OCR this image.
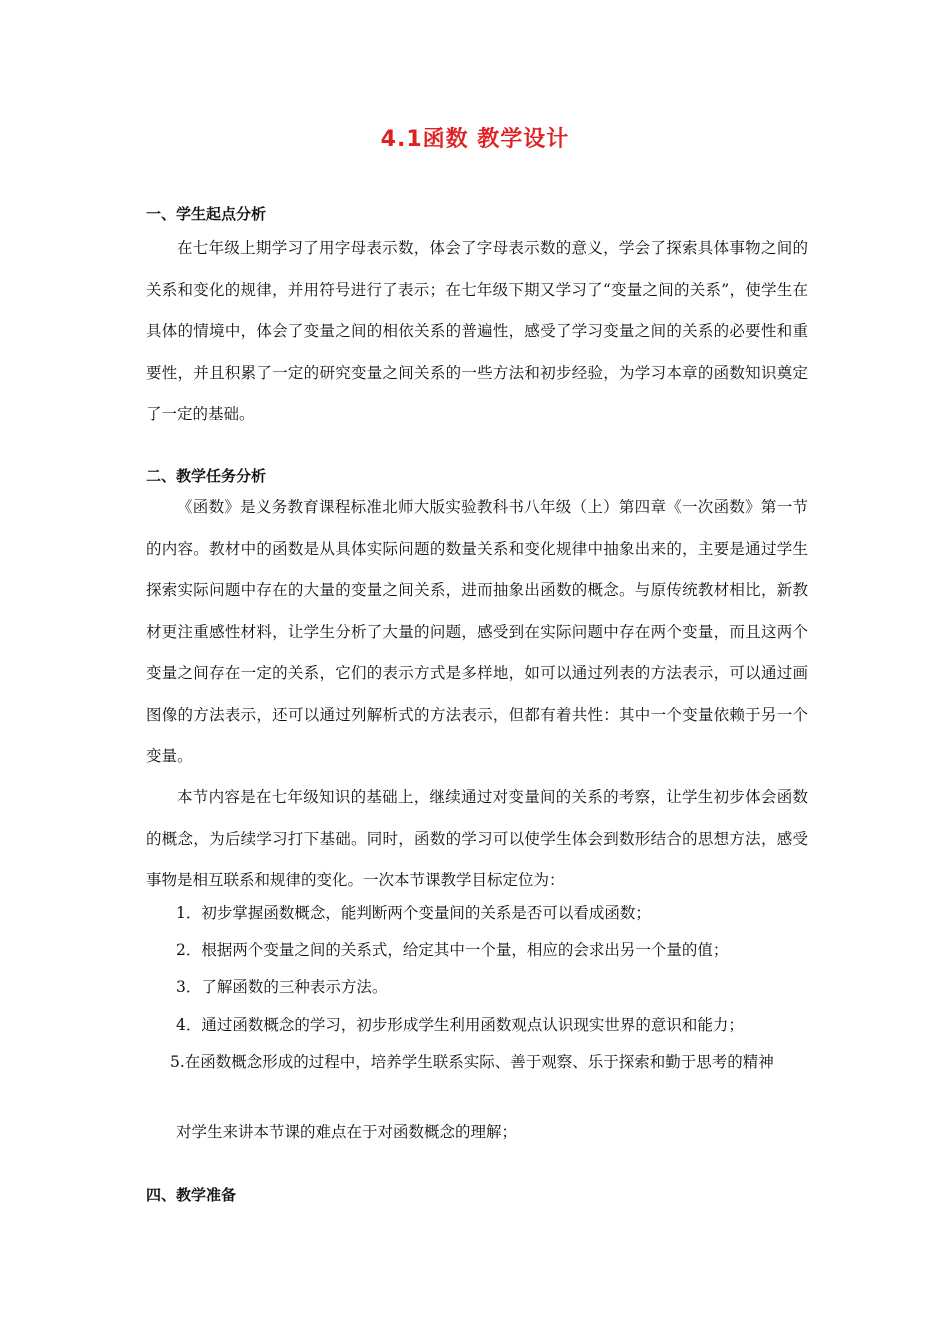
4.1函数 教学设计
一、学生起点分析

在七年级上期学习了用字母表示数，体会了字母表示数的意义，学会了探索具体事物之间的关系和变化的规律，并用符号进行了表示；在七年级下期又学习了“变量之间的关系”，使学生在具体的情境中，体会了变量之间的相依关系的普遍性，感受了学习变量之间的关系的必要性和重要性，并且积累了一定的研究变量之间关系的一些方法和初步经验，为学习本章的函数知识奠定了一定的基础。

二、教学任务分析

《函数》是义务教育课程标准北师大版实验教科书八年级（上）第四章《一次函数》第一节的内容。教材中的函数是从具体实际问题的数量关系和变化规律中抽象出来的，主要是通过学生探索实际问题中存在的大量的变量之间关系，进而抽象出函数的概念。与原传统教材相比，新教材更注重感性材料，让学生分析了大量的问题，感受到在实际问题中存在两个变量，而且这两个变量之间存在一定的关系，它们的表示方式是多样地，如可以通过列表的方法表示，可以通过画图像的方法表示，还可以通过列解析式的方法表示，但都有着共性：其中一个变量依赖于另一个变量。

本节内容是在七年级知识的基础上，继续通过对变量间的关系的考察，让学生初步体会函数的概念，为后续学习打下基础。同时，函数的学习可以使学生体会到数形结合的思想方法，感受事物是相互联系和规律的变化。一次本节课教学目标定位为：

1．初步掌握函数概念，能判断两个变量间的关系是否可以看成函数；
2．根据两个变量之间的关系式，给定其中一个量，相应的会求出另一个量的值；
3．了解函数的三种表示方法。
4．通过函数概念的学习，初步形成学生利用函数观点认识现实世界的意识和能力；

5.在函数概念形成的过程中，培养学生联系实际、善于观察、乐于探索和勤于思考的精神

对学生来讲本节课的难点在于对函数概念的理解；
四、教学准备
